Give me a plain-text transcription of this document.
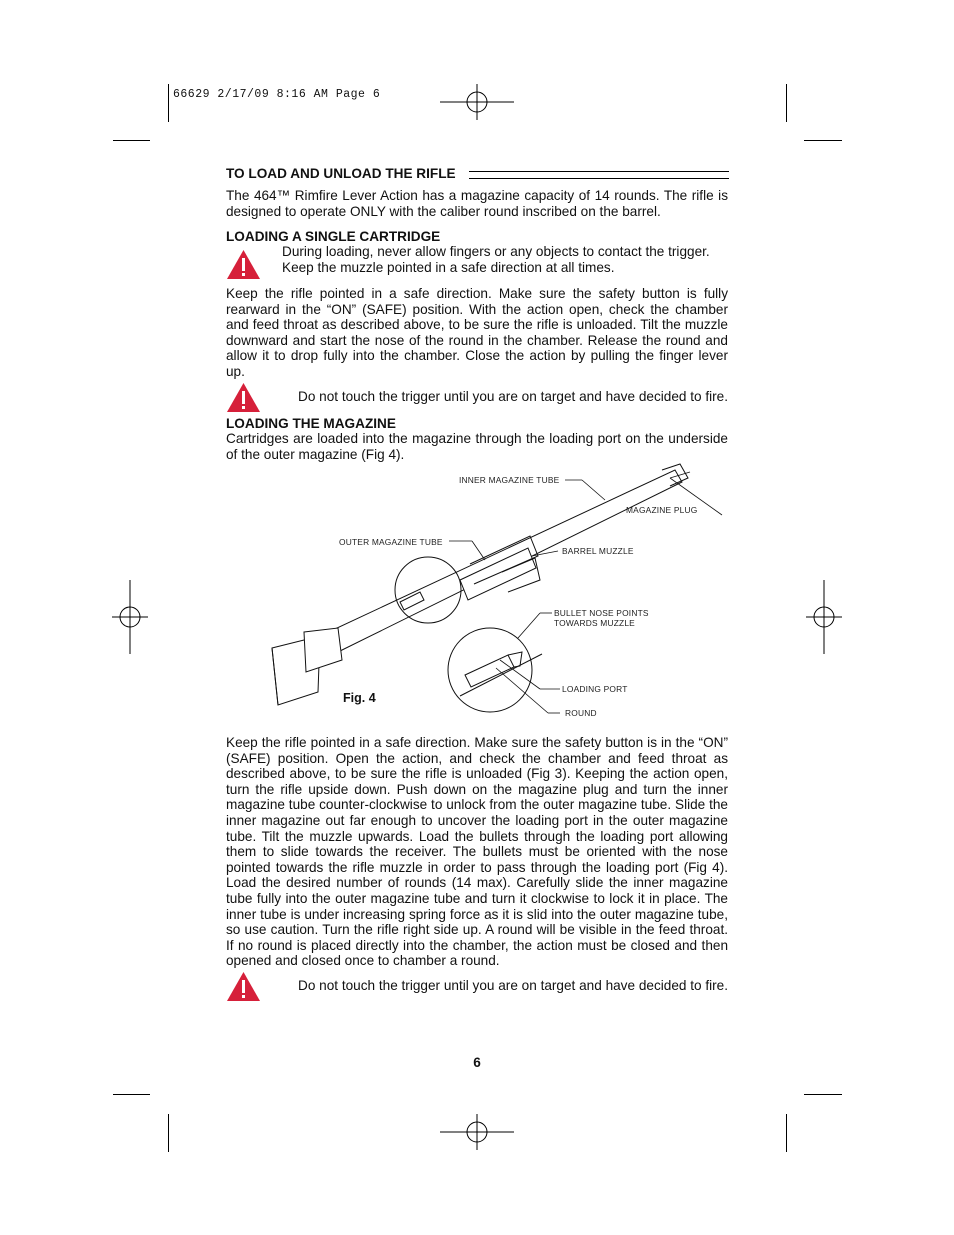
66629 2/17/09 8:16 AM Page 6
TO LOAD AND UNLOAD THE RIFLE
The 464™ Rimfire Lever Action has a magazine capacity of 14 rounds. The rifle is designed to operate ONLY with the caliber round inscribed on the barrel.
LOADING A SINGLE CARTRIDGE
During loading, never allow fingers or any objects to contact the trigger. Keep the muzzle pointed in a safe direction at all times.
Keep the rifle pointed in a safe direction. Make sure the safety button is fully rearward in the “ON” (SAFE) position. With the action open, check the chamber and feed throat as described above, to be sure the rifle is unloaded. Tilt the muzzle downward and start the nose of the round in the chamber. Release the round and allow it to drop fully into the chamber. Close the action by pulling the finger lever up.
Do not touch the trigger until you are on target and have decided to fire.
LOADING THE MAGAZINE
Cartridges are loaded into the magazine through the loading port on the underside of the outer magazine (Fig 4).
INNER MAGAZINE TUBE
MAGAZINE PLUG
OUTER MAGAZINE TUBE
BARREL MUZZLE
BULLET NOSE POINTS
TOWARDS MUZZLE
LOADING PORT
ROUND
Fig. 4
Keep the rifle pointed in a safe direction. Make sure the safety button is in the “ON” (SAFE) position. Open the action, and check the chamber and feed throat as described above, to be sure the rifle is unloaded (Fig 3). Keeping the action open, turn the rifle upside down. Push down on the magazine plug and turn the inner magazine tube counter-clockwise to unlock from the outer magazine tube. Slide the inner magazine out far enough to uncover the loading port in the outer magazine tube. Tilt the muzzle upwards. Load the bullets through the loading port allowing them to slide towards the receiver. The bullets must be oriented with the nose pointed towards the rifle muzzle in order to pass through the loading port (Fig 4). Load the desired number of rounds (14 max). Carefully slide the inner magazine tube fully into the outer magazine tube and turn it clockwise to lock it in place. The inner tube is under increasing spring force as it is slid into the outer magazine tube, so use caution. Turn the rifle right side up. A round will be visible in the feed throat. If no round is placed directly into the chamber, the action must be closed and then opened and closed once to chamber a round.
Do not touch the trigger until you are on target and have decided to fire.
6
